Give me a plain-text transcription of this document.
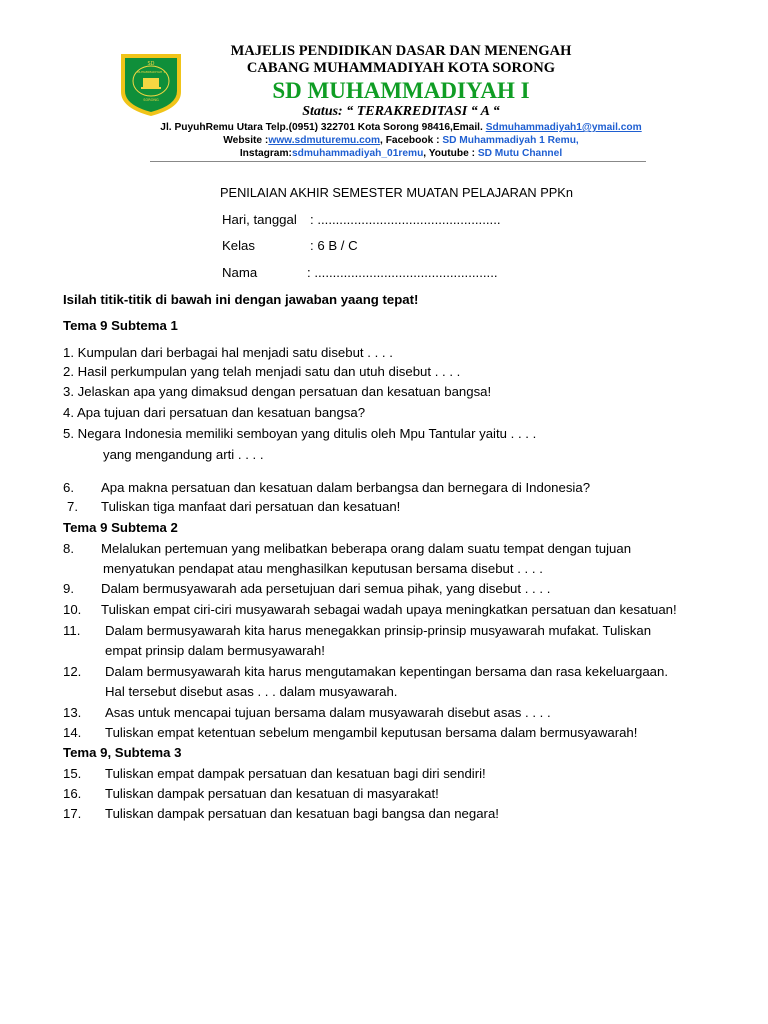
SD
MUHAMMADIYAH 1
SORONG
MAJELIS PENDIDIKAN DASAR DAN MENENGAH
CABANG MUHAMMADIYAH KOTA SORONG
SD MUHAMMADIYAH I
Status: “ TERAKREDITASI “ A “
Jl. PuyuhRemu Utara Telp.(0951) 322701 Kota Sorong 98416,Email. Sdmuhammadiyah1@ymail.com
Website :www.sdmuturemu.com, Facebook : SD Muhammadiyah 1 Remu,
Instagram:sdmuhammadiyah_01remu, Youtube : SD Mutu Channel
PENILAIAN AKHIR SEMESTER MUATAN PELAJARAN PPKn
Hari, tanggal : ..................................................
Kelas	: 6 B / C
Nama	: ..................................................
Isilah titik-titik di bawah ini dengan jawaban yaang tepat!
Tema 9 Subtema 1
1. Kumpulan dari berbagai hal menjadi satu disebut . . . .
2. Hasil perkumpulan yang telah menjadi satu dan utuh disebut . . . .
3. Jelaskan apa yang dimaksud dengan persatuan dan kesatuan bangsa!
4. Apa tujuan dari persatuan dan kesatuan bangsa?
5. Negara Indonesia memiliki semboyan yang ditulis oleh Mpu Tantular yaitu . . . .
yang mengandung arti . . . .
6. Apa makna persatuan dan kesatuan dalam berbangsa dan bernegara di Indonesia?
7. Tuliskan tiga manfaat dari persatuan dan kesatuan!
Tema 9 Subtema 2
8. Melalukan pertemuan yang melibatkan beberapa orang dalam suatu tempat dengan tujuan
menyatukan pendapat atau menghasilkan keputusan bersama disebut . . . .
9. Dalam bermusyawarah ada persetujuan dari semua pihak, yang disebut . . . .
10. Tuliskan empat ciri-ciri musyawarah sebagai wadah upaya meningkatkan persatuan dan kesatuan!
11. Dalam bermusyawarah kita harus menegakkan prinsip-prinsip musyawarah mufakat. Tuliskan
empat prinsip dalam bermusyawarah!
12. Dalam bermusyawarah kita harus mengutamakan kepentingan bersama dan rasa kekeluargaan.
Hal tersebut disebut asas . . . dalam musyawarah.
13. Asas untuk mencapai tujuan bersama dalam musyawarah disebut asas . . . .
14. Tuliskan empat ketentuan sebelum mengambil keputusan bersama dalam bermusyawarah!
Tema 9, Subtema 3
15. Tuliskan empat dampak persatuan dan kesatuan bagi diri sendiri!
16. Tuliskan dampak persatuan dan kesatuan di masyarakat!
17. Tuliskan dampak persatuan dan kesatuan bagi bangsa dan negara!
